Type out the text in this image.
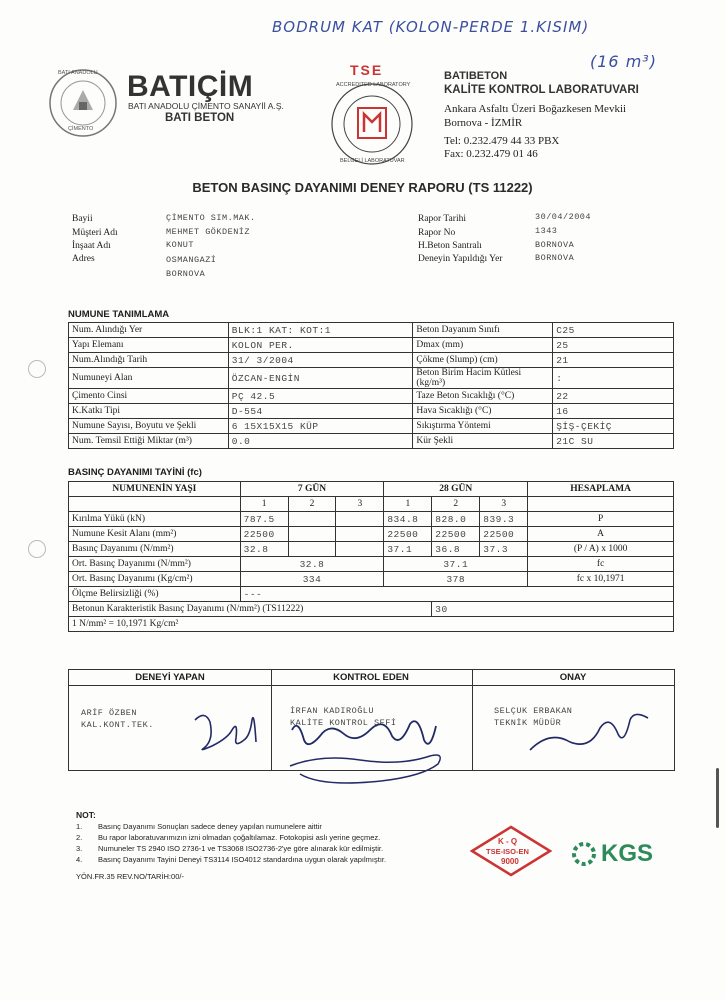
BODRUM KAT (KOLON-PERDE 1.KISIM)
(16 m³)
BATI ANADOLU
ÇİMENTO
BATIÇİM
BATI ANADOLU ÇİMENTO SANAYİİ A.Ş.
BATI BETON
TSE
ACCREDITED LABORATORY
BELGELİ LABORATUVAR
BATIBETON
KALİTE KONTROL LABORATUVARI
Ankara Asfaltı Üzeri Boğazkesen Mevkii
Bornova - İZMİR
Tel: 0.232.479 44 33 PBX
Fax: 0.232.479 01 46
BETON BASINÇ DAYANIMI DENEY RAPORU (TS 11222)
Bayii	ÇİMENTO SIM.MAK.
Müşteri Adı	MEHMET GÖKDENİZ
İnşaat Adı	KONUT
Adres	OSMANGAZİ
BORNOVA
Rapor Tarihi	30/04/2004
Rapor No	1343
H.Beton Santralı	BORNOVA
Deneyin Yapıldığı Yer	BORNOVA
NUMUNE TANIMLAMA
Num. Alındığı Yer	BLK:1 KAT: KOT:1	Beton Dayanım Sınıfı	C25
Yapı Elemanı	KOLON PER.	Dmax (mm)	25
Num.Alındığı Tarih	31/ 3/2004	Çökme (Slump) (cm)	21
Numuneyi Alan	ÖZCAN-ENGİN	Beton Birim Hacim Kütlesi (kg/m³)	:
Çimento Cinsi	PÇ 42.5	Taze Beton Sıcaklığı (°C)	22
K.Katkı Tipi	D-554	Hava Sıcaklığı (°C)	16
Numune Sayısı, Boyutu ve Şekli	6 15X15X15 KÜP	Sıkıştırma Yöntemi	ŞİŞ-ÇEKİÇ
Num. Temsil Ettiği Miktar (m³)	0.0	Kür Şekli	21C SU
BASINÇ DAYANIMI TAYİNİ (fc)
NUMUNENİN YAŞI	7 GÜN			28 GÜN			HESAPLAMA
	1	2	3	1	2	3	
Kırılma Yükü (kN)	787.5			834.8	828.0	839.3	P
Numune Kesit Alanı (mm²)	22500			22500	22500	22500	A
Basınç Dayanımı (N/mm²)	32.8			37.1	36.8	37.3	(P / A) x 1000
Ort. Basınç Dayanımı (N/mm²)	32.8			37.1			fc
Ort. Basınç Dayanımı (Kg/cm²)	334			378			fc x 10,1971
Ölçme Belirsizliği (%)	---						
Betonun Karakteristik Basınç Dayanımı (N/mm²) (TS11222)					30		
1 N/mm² = 10,1971 Kg/cm²							
DENEYİ YAPAN
ARİF ÖZBEN
KAL.KONT.TEK.
KONTROL EDEN
İRFAN KADIROĞLU
KALİTE KONTROL ŞEFİ
ONAY
SELÇUK ERBAKAN
TEKNİK MÜDÜR
NOT:
1. Basınç Dayanımı Sonuçları sadece deney yapılan numunelere aittir
2. Bu rapor laboratuvarımızın izni olmadan çoğaltılamaz. Fotokopisi aslı yerine geçmez.
3. Numuneler TS 2940 ISO 2736-1 ve TS3068 ISO2736-2'ye göre alınarak kür edilmiştir.
4. Basınç Dayanımı Tayini Deneyi TS3114 ISO4012 standardına uygun olarak yapılmıştır.
YÖN.FR.35 REV.NO/TARİH:00/-
K - Q
TSE-ISO-EN
9000	KGS
